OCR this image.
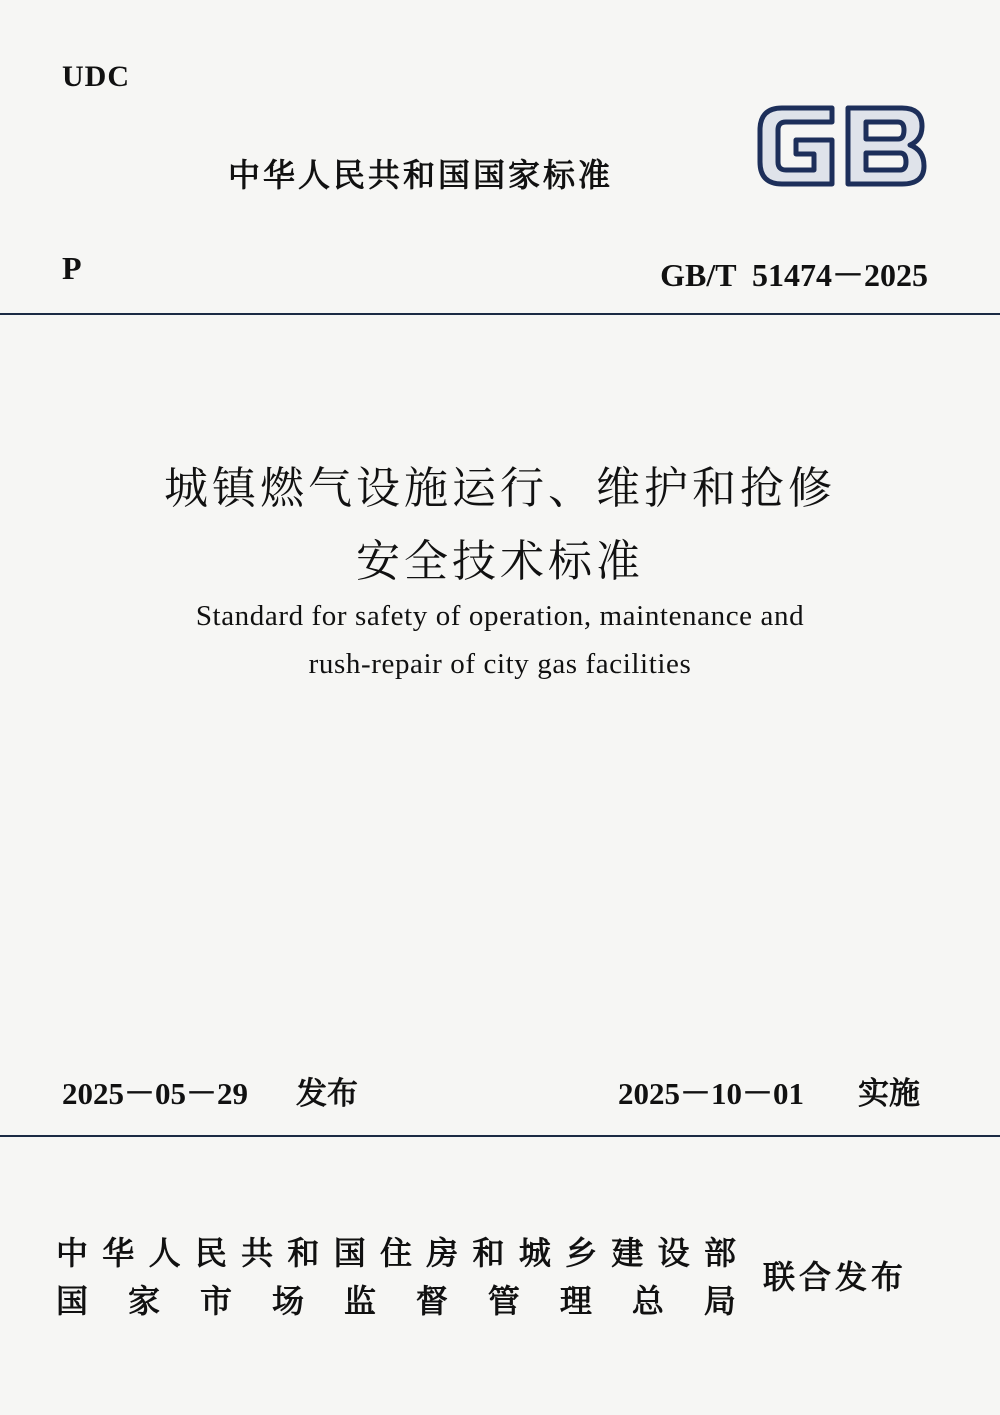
UDC
中华人民共和国国家标准
P	GB/T  51474－2025
城镇燃气设施运行、维护和抢修
安全技术标准
Standard for safety of operation, maintenance and
rush-repair of city gas facilities
2025－05－29 发布	2025－10－01 实施
中 华 人 民 共 和 国 住 房 和 城 乡 建 设 部
国 家 市 场 监 督 管 理 总 局
联合发布
